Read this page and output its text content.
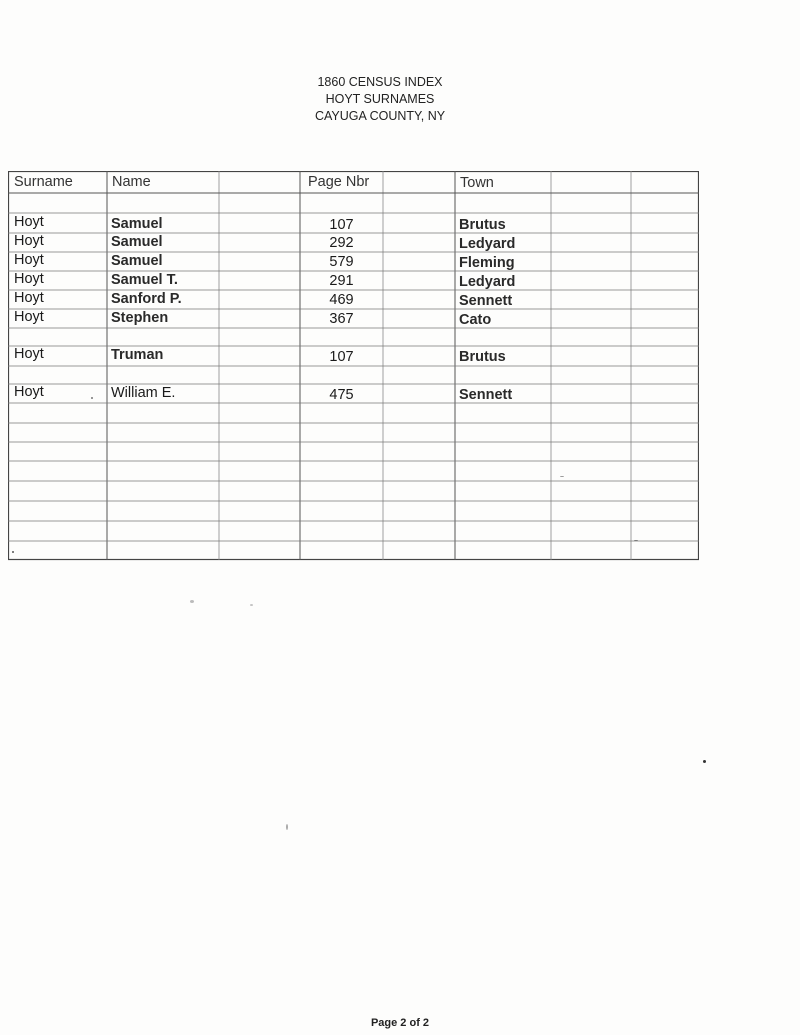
1860 CENSUS INDEX
HOYT SURNAMES
CAYUGA COUNTY, NY
Surname	Name	Page Nbr	Town
Hoyt	Samuel	107	Brutus
Hoyt	Samuel	292	Ledyard
Hoyt	Samuel	579	Fleming
Hoyt	Samuel T.	291	Ledyard
Hoyt	Sanford P.	469	Sennett
Hoyt	Stephen	367	Cato
Hoyt	Truman	107	Brutus
Hoyt	William E.	475	Sennett
Page 2 of 2
